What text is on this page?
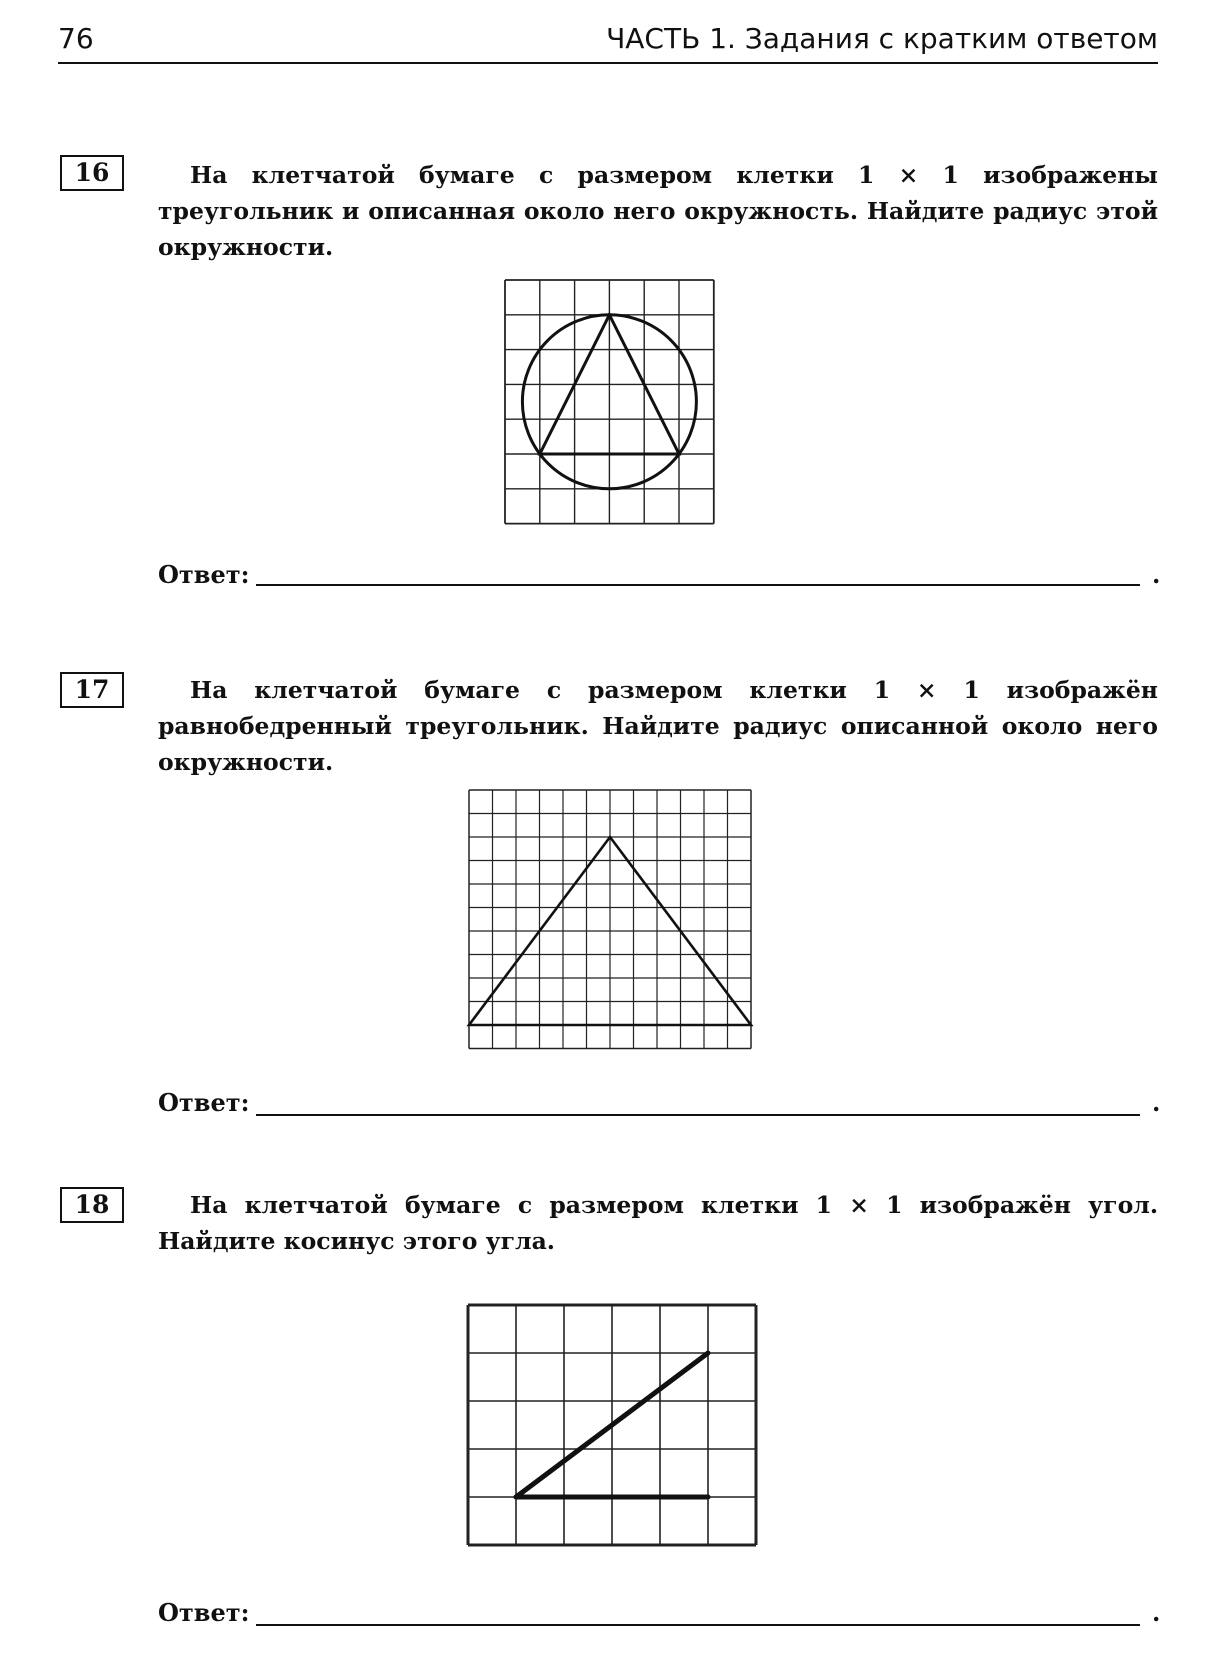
76	ЧАСТЬ 1. Задания с кратким ответом
16	На клетчатой бумаге с размером клетки 1 × 1 изображены треугольник и описанная около него окружность. Найдите радиус этой окружности.

Ответ:	.
17	На клетчатой бумаге с размером клетки 1 × 1 изображён равнобедренный треугольник. Найдите радиус описанной около него окружности.

Ответ:	.
18	На клетчатой бумаге с размером клетки 1 × 1 изображён угол. Найдите косинус этого угла.

Ответ:	.
